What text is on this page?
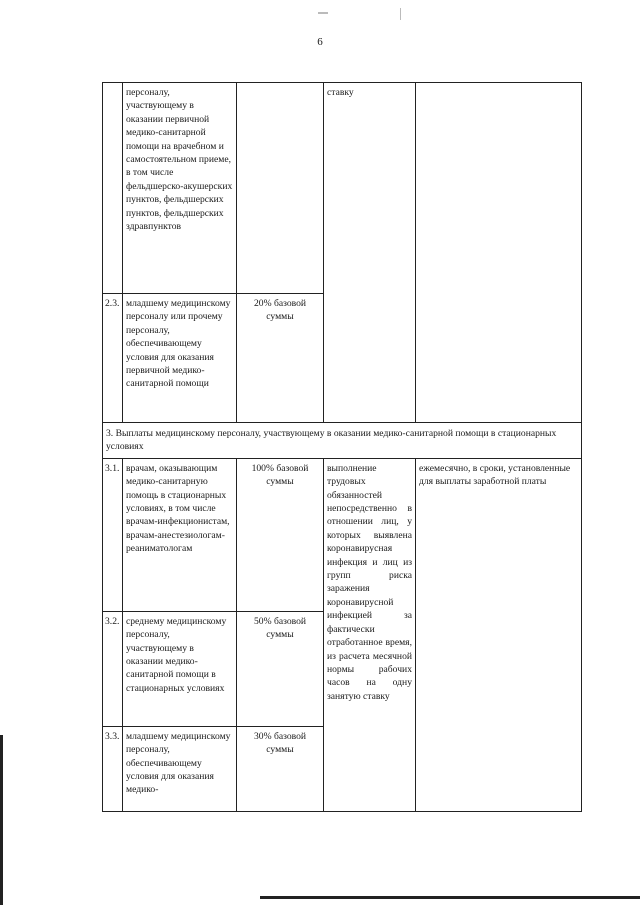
6
	персоналу, участвующему в оказании первичной медико-санитарной помощи на врачебном и самостоятельном приеме, в том числе фельдшерско-акушерских пунктов, фельдшерских пунктов, фельдшерских здравпунктов		ставку	
2.3.	младшему медицинскому персоналу или прочему персоналу, обеспечивающему условия для оказания первичной медико-санитарной помощи	20% базовой суммы		
3. Выплаты медицинскому персоналу, участвующему в оказании медико-санитарной помощи в стационарных условиях				
3.1.	врачам, оказывающим медико-санитарную помощь в стационарных условиях, в том числе врачам-инфекционистам, врачам-анестезиологам-реаниматологам	100% базовой суммы	выполнение трудовых обязанностей непосредственно в отношении лиц, у которых выявлена коронавирусная инфекция и лиц из групп риска заражения коронавирусной инфекцией за фактически отработанное время, из расчета месячной нормы рабочих часов на одну занятую ставку	ежемесячно, в сроки, установленные для выплаты заработной платы
3.2.	среднему медицинскому персоналу, участвующему в оказании медико-санитарной помощи в стационарных условиях	50% базовой суммы		
3.3.	младшему медицинскому персоналу, обеспечивающему условия для оказания медико-	30% базовой суммы		
